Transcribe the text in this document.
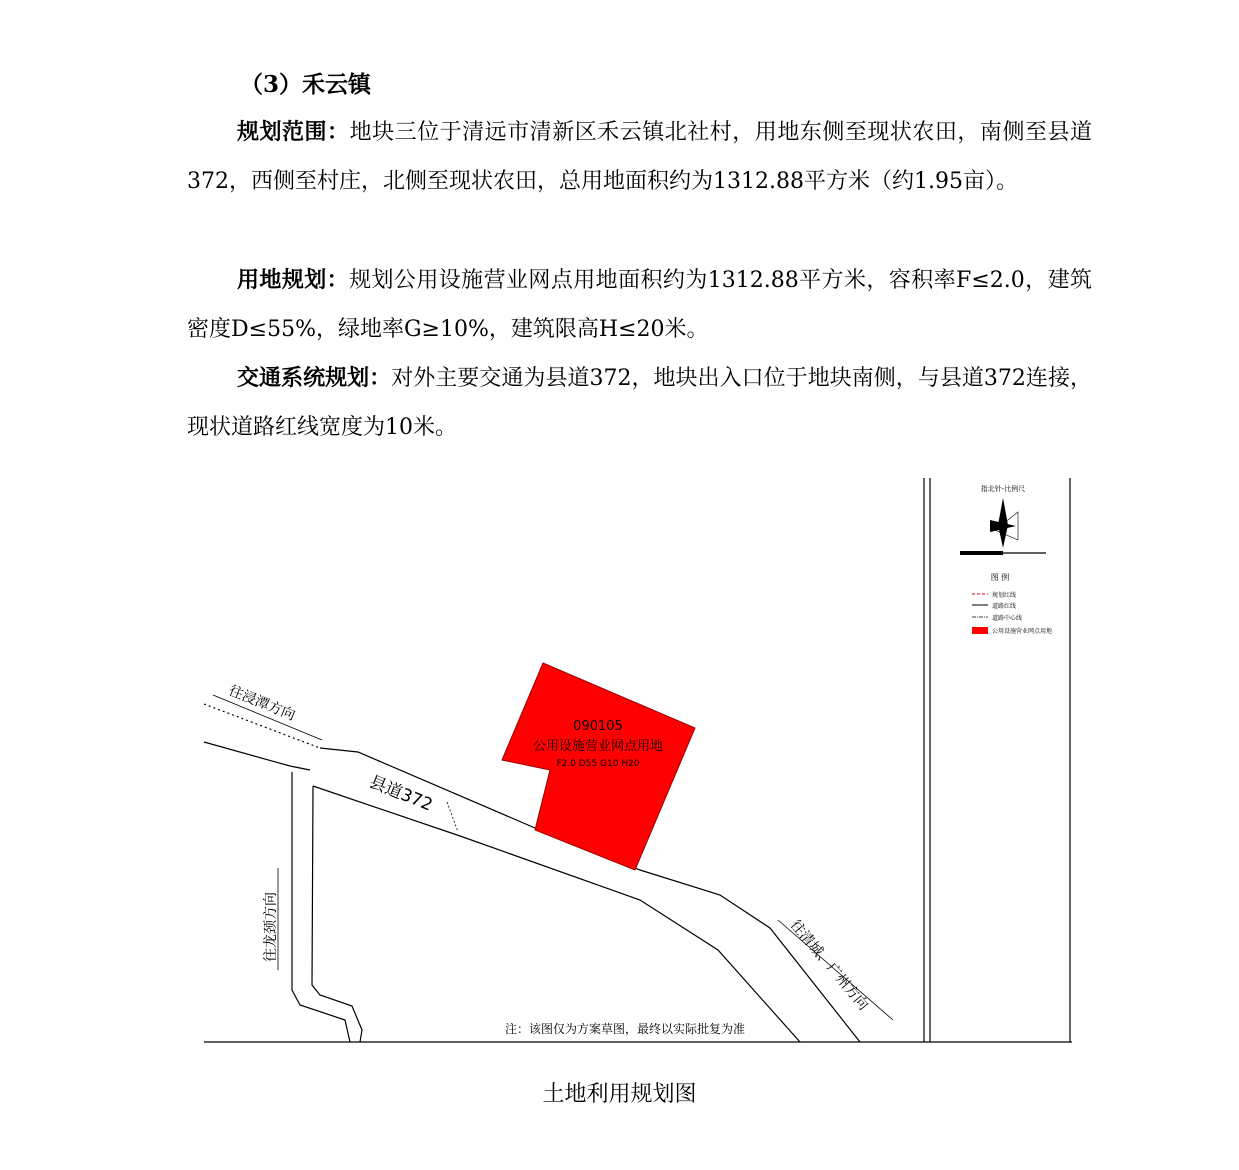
（3）禾云镇

规划范围：地块三位于清远市清新区禾云镇北社村，用地东侧至现状农田，南侧至县道372，西侧至村庄，北侧至现状农田，总用地面积约为1312.88平方米（约1.95亩）。

用地规划：规划公用设施营业网点用地面积约为1312.88平方米，容积率F≤2.0，建筑密度D≤55%，绿地率G≥10%，建筑限高H≤20米。

交通系统规划：对外主要交通为县道372，地块出入口位于地块南侧，与县道372连接，现状道路红线宽度为10米。

090105
公用设施营业网点用地
F2.0 D55 G10 H20
县道372
往浸潭方向
往龙颈方向	往清城、广州方向
注：该图仅为方案草图，最终以实际批复为准
指北针-比例尺
图 例
规划红线
道路红线
道路中心线
公用设施营业网点用地
土地利用规划图
